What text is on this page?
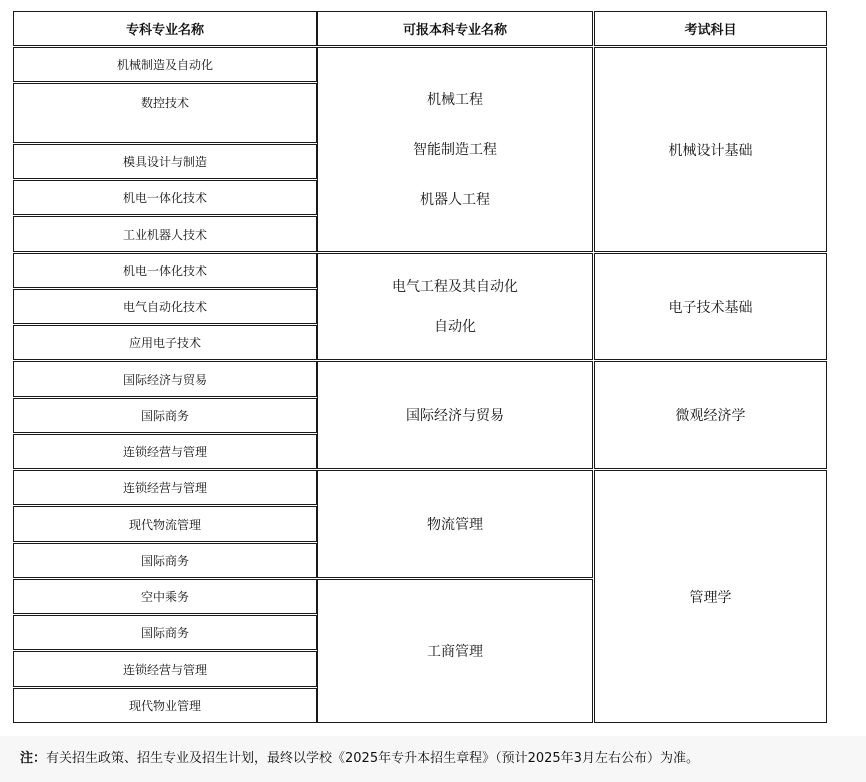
专科专业名称	可报本科专业名称	考试科目
机械制造及自动化
数控技术
模具设计与制造
机电一体化技术
工业机器人技术
机电一体化技术
电气自动化技术
应用电子技术
国际经济与贸易
国际商务
连锁经营与管理
连锁经营与管理
现代物流管理
国际商务
空中乘务
国际商务
连锁经营与管理
现代物业管理
机械工程
智能制造工程
机器人工程
电气工程及其自动化
自动化
国际经济与贸易
物流管理
工商管理
机械设计基础
电子技术基础
微观经济学
管理学
注：有关招生政策、招生专业及招生计划，最终以学校《2025年专升本招生章程》（预计2025年3月左右公布）为准。
